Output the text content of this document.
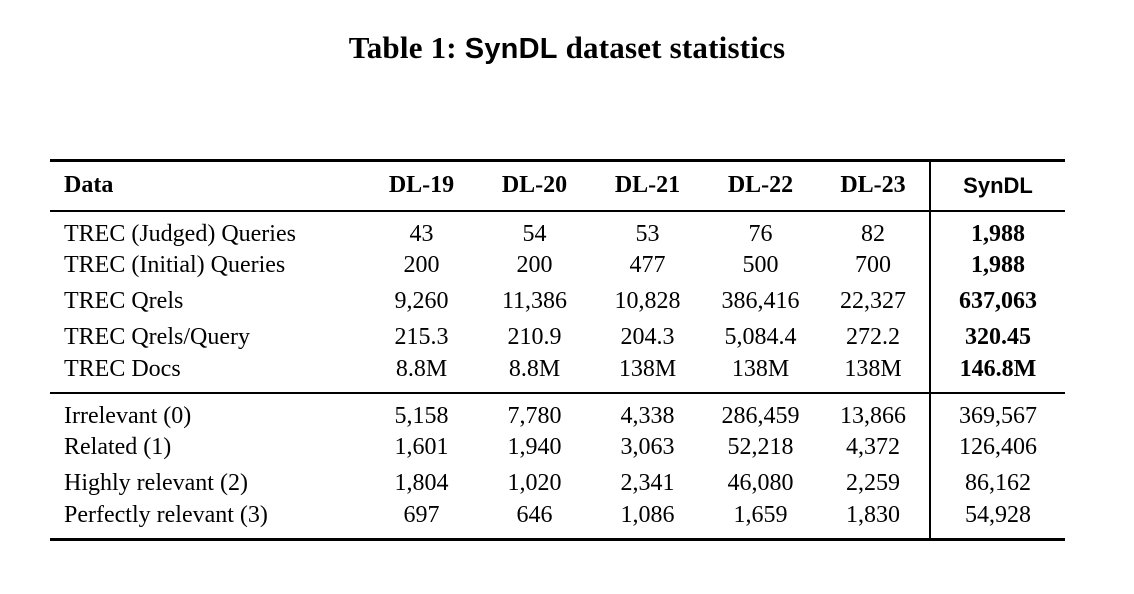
Table 1: SynDL dataset statistics
Data	DL-19	DL-20	DL-21	DL-22	DL-23	SynDL
TREC (Judged) Queries	43	54	53	76	82	1,988
TREC (Initial) Queries	200	200	477	500	700	1,988
TREC Qrels	9,260	11,386	10,828	386,416	22,327	637,063
TREC Qrels/Query	215.3	210.9	204.3	5,084.4	272.2	320.45
TREC Docs	8.8M	8.8M	138M	138M	138M	146.8M
Irrelevant (0)	5,158	7,780	4,338	286,459	13,866	369,567
Related (1)	1,601	1,940	3,063	52,218	4,372	126,406
Highly relevant (2)	1,804	1,020	2,341	46,080	2,259	86,162
Perfectly relevant (3)	697	646	1,086	1,659	1,830	54,928
